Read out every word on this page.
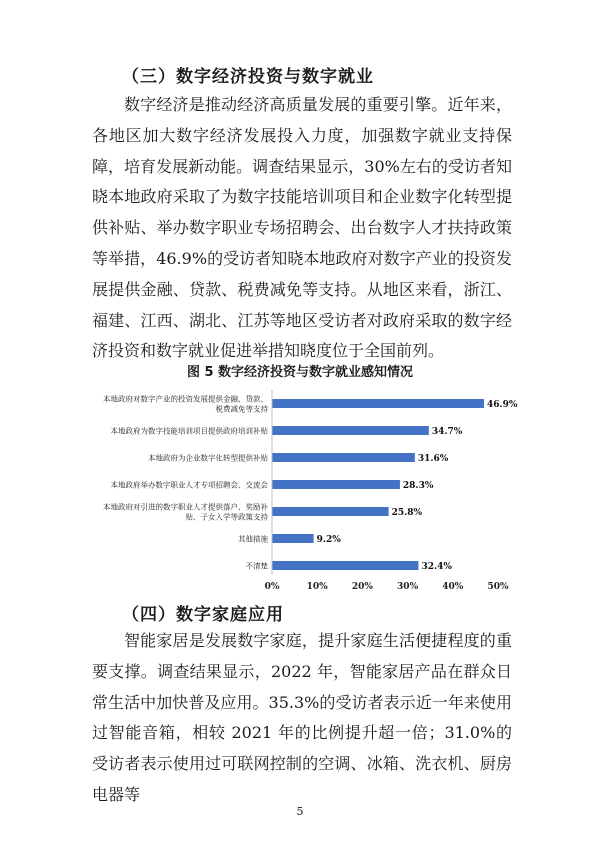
（三）数字经济投资与数字就业

数字经济是推动经济高质量发展的重要引擎。近年来，各地区加大数字经济发展投入力度，加强数字就业支持保障，培育发展新动能。调查结果显示，30%左右的受访者知晓本地政府采取了为数字技能培训项目和企业数字化转型提供补贴、举办数字职业专场招聘会、出台数字人才扶持政策等举措，46.9%的受访者知晓本地政府对数字产业的投资发展提供金融、贷款、税费减免等支持。从地区来看，浙江、福建、江西、湖北、江苏等地区受访者对政府采取的数字经济投资和数字就业促进举措知晓度位于全国前列。

图 5 数字经济投资与数字就业感知情况
本地政府对数字产业的投资发展提供金融、贷款、税费减免等支持
本地政府为数字技能培训项目提供政府培训补贴
本地政府为企业数字化转型提供补贴
本地政府举办数字职业人才专项招聘会、交流会
本地政府对引进的数字职业人才提供落户、奖励补贴、子女入学等政策支持
其他措施
不清楚
46.9%
34.7%
31.6%
28.3%
25.8%
9.2%
32.4%
0%	10%	20%	30%	40%	50%
（四）数字家庭应用

智能家居是发展数字家庭，提升家庭生活便捷程度的重要支撑。调查结果显示，2022 年，智能家居产品在群众日常生活中加快普及应用。35.3%的受访者表示近一年来使用过智能音箱，相较 2021 年的比例提升超一倍；31.0%的受访者表示使用过可联网控制的空调、冰箱、洗衣机、厨房电器等

5
